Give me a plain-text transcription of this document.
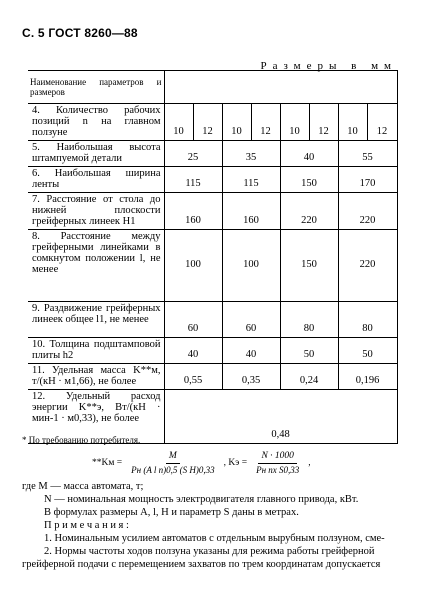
С. 5 ГОСТ 8260—88
Размеры в мм
Наименование параметров и размеров								
4. Количество рабочих позиций n на главном ползуне	10	12	10	12	10	12	10	12
5. Наибольшая высота штампуемой детали	25		35		40		55	
6. Наибольшая ширина ленты	115		115		150		170	
7. Расстояние от стола до нижней плоскости грейферных линеек H1	160		160		220		220	
8. Расстояние между грейферными линейками в сомкнутом положении l, не менее	100		100		150		220	
9. Раздвижение грейферных линеек общее l1, не менее	60		60		80		80	
10. Толщина подштамповой плиты h2	40		40		50		50	
11. Удельная масса K**м, т/(кН · м1,66), не более	0,55		0,35		0,24		0,196	
12. Удельный расход энергии K**э, Вт/(кН · мин-1 · м0,33), не более	0,48							

* По требованию потребителя.

$**Kм = \frac{M}{\text{Pн (A l n)0,5 (S H)0,33}}$ , Kэ = $\frac{N \cdot 1000}{\text{Pн nх S0,33}}$ ,

где M — масса автомата, т;

N — номинальная мощность электродвигателя главного привода, кВт.

В формулах размеры A, l, H и параметр S даны в метрах.

П р и м е ч а н и я :

1. Номинальным усилием автоматов с отдельным вырубным ползуном, сме-

2. Нормы частоты ходов ползуна указаны для режима работы грейферной

грейферной подачи с перемещением захватов по трем координатам допускается
